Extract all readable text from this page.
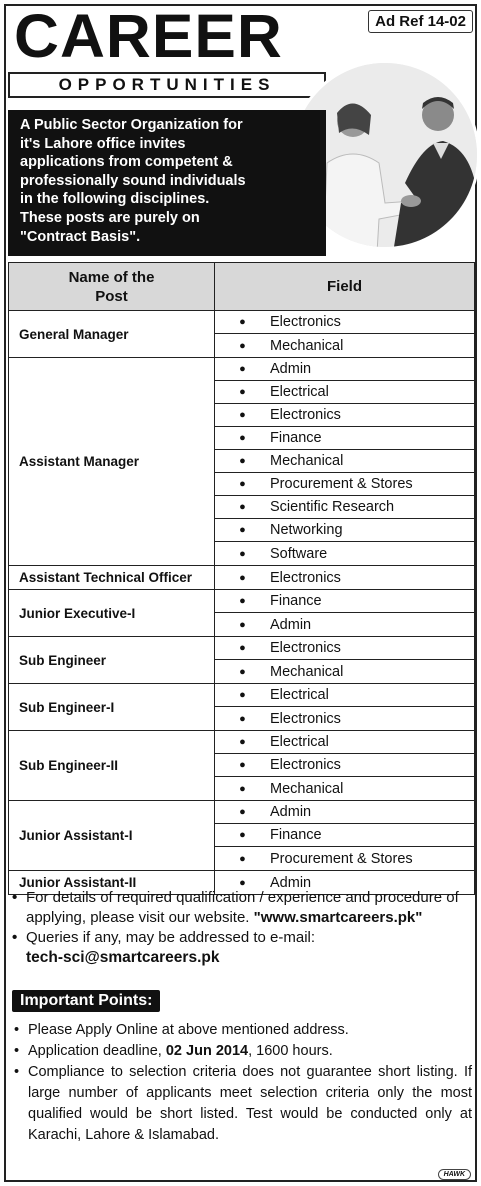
CAREER
OPPORTUNITIES
Ad Ref 14-02
A Public Sector Organization for
it's Lahore office invites
applications from competent &
professionally sound individuals
in the following disciplines.
These posts are purely on
"Contract Basis".
Name of the Post
Field
General Manager
●	Electronics
●	Mechanical
Assistant Manager
●	Admin
●	Electrical
●	Electronics
●	Finance
●	Mechanical
●	Procurement & Stores
●	Scientific Research
●	Networking
●	Software
Assistant Technical Officer	●	Electronics
Junior Executive-I
●	Finance
●	Admin
Sub Engineer
●	Electronics
●	Mechanical
Sub Engineer-I
●	Electrical
●	Electronics
Sub Engineer-II
●	Electrical
●	Electronics
●	Mechanical
Junior Assistant-I
●	Admin
●	Finance
●	Procurement & Stores
Junior Assistant-II	●	Admin
• For details of required qualification / experience and procedure of applying, please visit our website. "www.smartcareers.pk"
• Queries if any, may be addressed to e-mail:
tech-sci@smartcareers.pk
Important Points:
• Please Apply Online at above mentioned address.
• Application deadline, 02 Jun 2014, 1600 hours.
• Compliance to selection criteria does not guarantee short listing. If large number of applicants meet selection criteria only the most qualified would be short listed. Test would be conducted only at Karachi, Lahore & Islamabad.
HAWK
